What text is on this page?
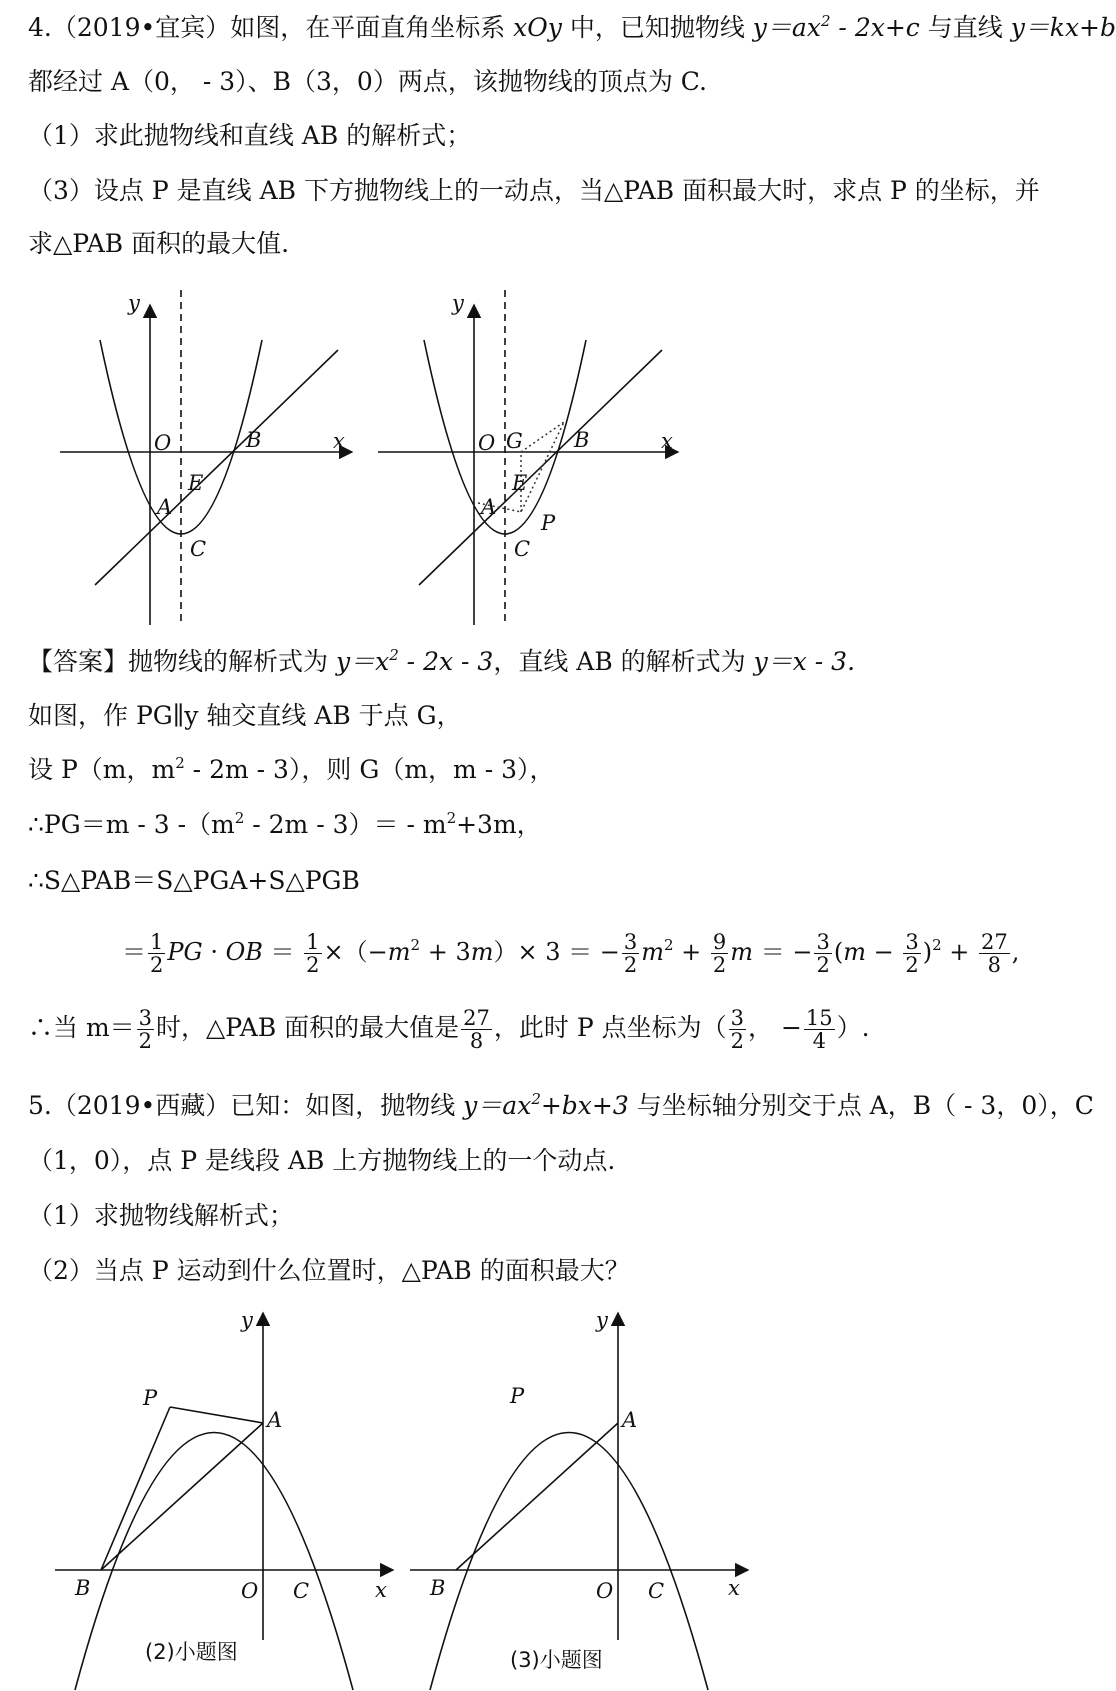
4.（2019•宜宾）如图，在平面直角坐标系 xOy 中，已知抛物线 $y=ax^2 - 2x+c$ 与直线 y＝kx+b
都经过 A（0， - 3）、B（3，0）两点，该抛物线的顶点为 C.
（1）求此抛物线和直线 AB 的解析式；
（3）设点 P 是直线 AB 下方抛物线上的一动点，当△PAB 面积最大时，求点 P 的坐标，并
求△PAB 面积的最大值.
y
x
O	B
A
E
C
y
x
O G B
A
E
P
C
【答案】抛物线的解析式为 $y=x^2 - 2x - 3$，直线 AB 的解析式为 y＝x - 3.
如图，作 PG∥y 轴交直线 AB 于点 G，
设 P（m，$m^2 - 2m - 3$），则 G（m，m - 3），
∴PG＝m - 3 $-(m^2 - 2m - 3)= - m^2+3m$，
∴S△PAB＝S△PGA+S△PGB
＝ $\frac{1}{2}$ PG · OB ＝ $\frac{1}{2} \times(-m^2 + 3m)\times 3$ ＝ − $\frac{3}{2} m^2 + \frac{9}{2}$ m ＝ − $\frac{3}{2} (m - \frac{3}{2} )^2 + \frac{27}{8}$ ,
∴当 $m= \frac{3}{2}$ 时，△PAB 面积的最大值是 $\frac{27}{8}$ ，此时 P 点坐标为（ $\frac{3}{2}$ ， − $\frac{15}{4}$ ）.
5.（2019•西藏）已知：如图，抛物线 $y=ax^2+bx+3$ 与坐标轴分别交于点 A，B（ - 3，0），C
（1，0），点 P 是线段 AB 上方抛物线上的一个动点.
（1）求抛物线解析式；
（2）当点 P 运动到什么位置时，△PAB 的面积最大？
y
P
A
B	O C	x
(2)小题图
y
P
A
B	O C	x
(3)小题图
